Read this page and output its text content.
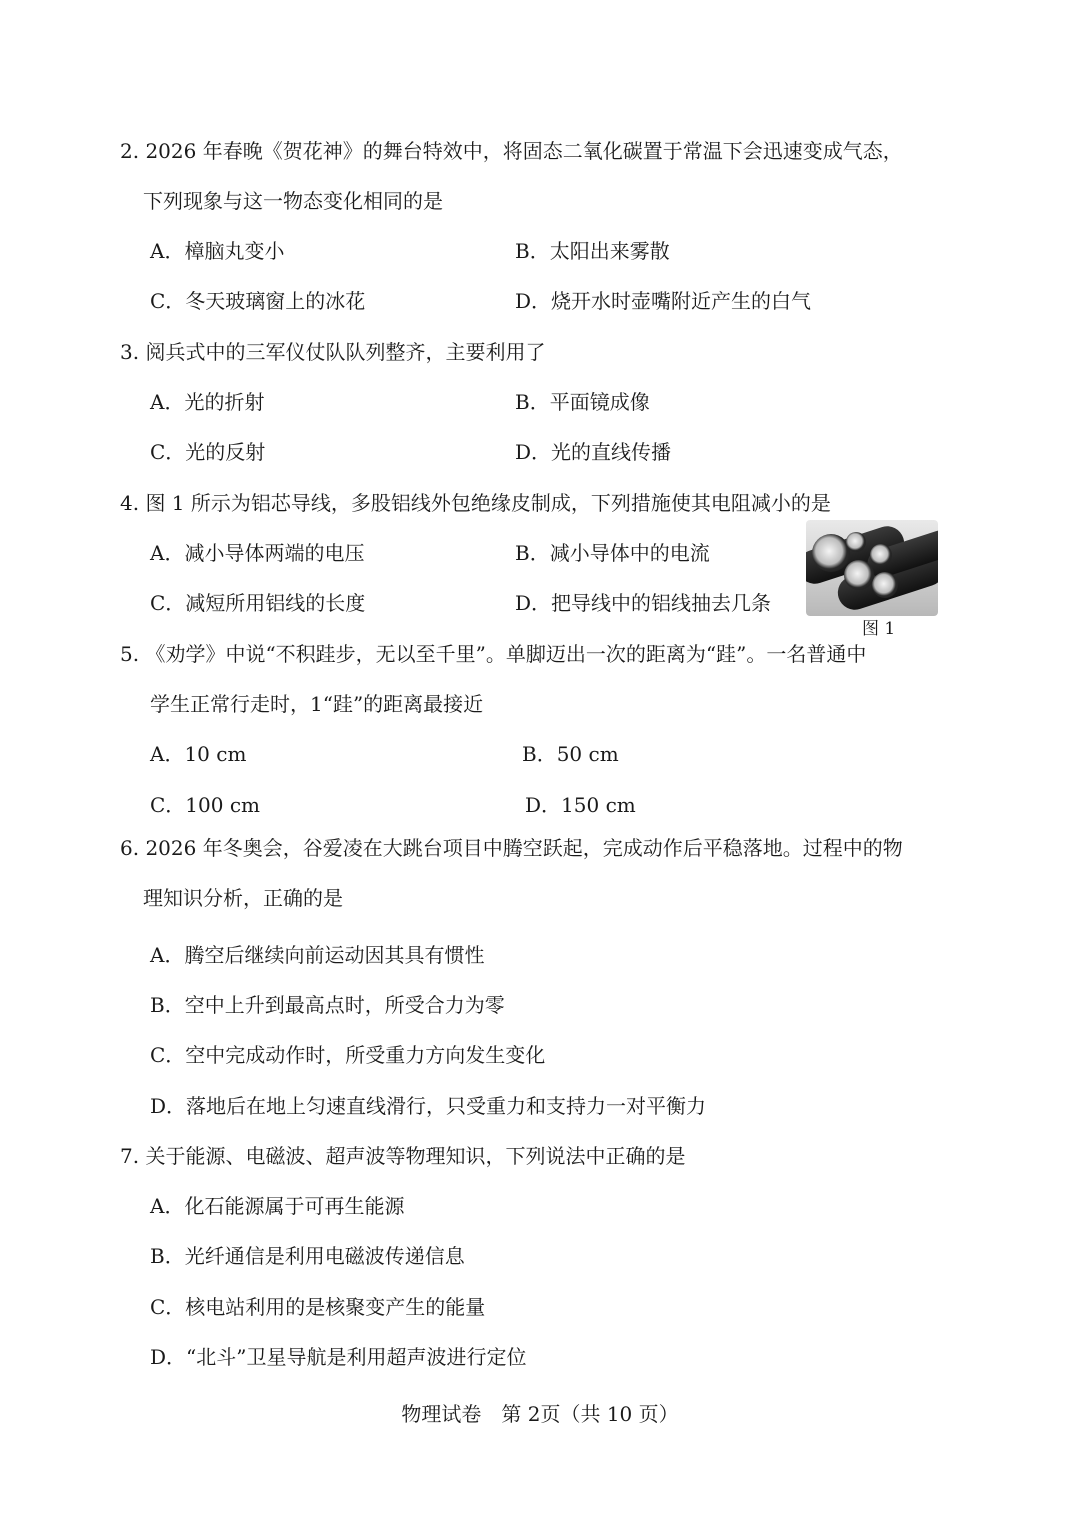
2. 2026 年春晚《贺花神》的舞台特效中，将固态二氧化碳置于常温下会迅速变成气态，
下列现象与这一物态变化相同的是
A．樟脑丸变小	B．太阳出来雾散
C．冬天玻璃窗上的冰花	D．烧开水时壶嘴附近产生的白气
3. 阅兵式中的三军仪仗队队列整齐，主要利用了
A．光的折射	B．平面镜成像
C．光的反射	D．光的直线传播
4. 图 1 所示为铝芯导线，多股铝线外包绝缘皮制成，下列措施使其电阻减小的是
A．减小导体两端的电压	B．减小导体中的电流
C．减短所用铝线的长度	D．把导线中的铝线抽去几条
图 1
5. 《劝学》中说“不积跬步，无以至千里”。单脚迈出一次的距离为“跬”。一名普通中
学生正常行走时，1“跬”的距离最接近
A．10 cm	B．50 cm
C．100 cm	D．150 cm
6. 2026 年冬奥会，谷爱凌在大跳台项目中腾空跃起，完成动作后平稳落地。过程中的物
理知识分析，正确的是
A．腾空后继续向前运动因其具有惯性
B．空中上升到最高点时，所受合力为零
C．空中完成动作时，所受重力方向发生变化
D．落地后在地上匀速直线滑行，只受重力和支持力一对平衡力
7. 关于能源、电磁波、超声波等物理知识，下列说法中正确的是
A．化石能源属于可再生能源
B．光纤通信是利用电磁波传递信息
C．核电站利用的是核聚变产生的能量
D．“北斗”卫星导航是利用超声波进行定位
物理试卷　第 2页（共 10 页）
